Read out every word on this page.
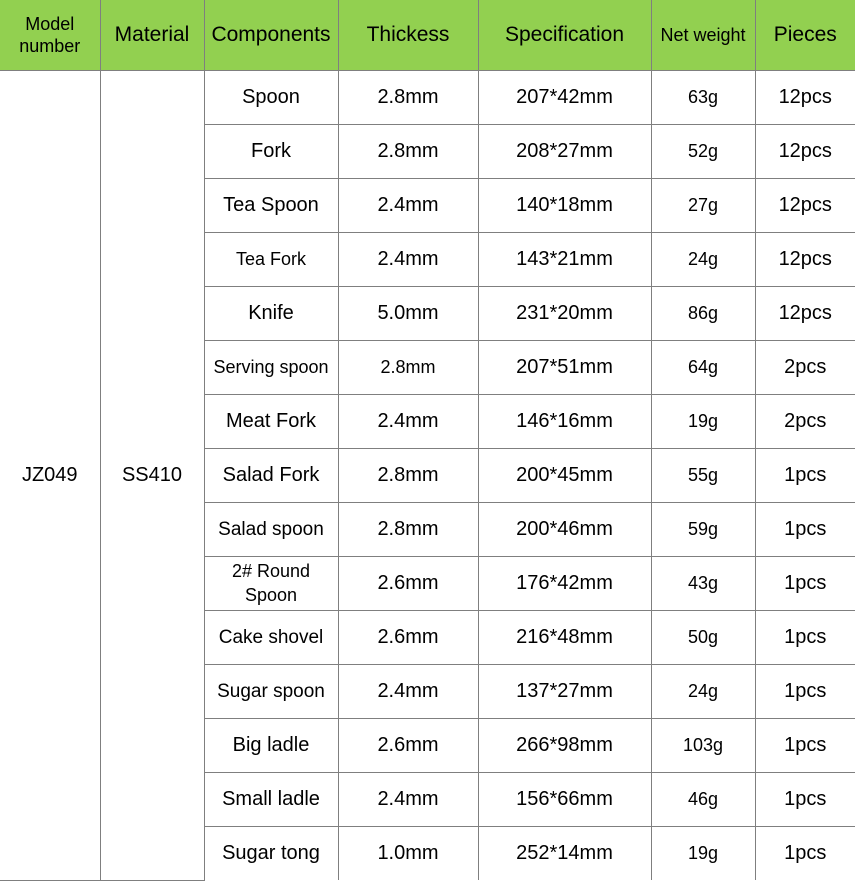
Model number	Material	Components	Thickess	Specification	Net weight	Pieces
JZ049	SS410	Spoon	2.8mm	207*42mm	63g	12pcs
		Fork	2.8mm	208*27mm	52g	12pcs
		Tea Spoon	2.4mm	140*18mm	27g	12pcs
		Tea Fork	2.4mm	143*21mm	24g	12pcs
		Knife	5.0mm	231*20mm	86g	12pcs
		Serving spoon	2.8mm	207*51mm	64g	2pcs
		Meat Fork	2.4mm	146*16mm	19g	2pcs
		Salad Fork	2.8mm	200*45mm	55g	1pcs
		Salad spoon	2.8mm	200*46mm	59g	1pcs
		2# Round Spoon	2.6mm	176*42mm	43g	1pcs
		Cake shovel	2.6mm	216*48mm	50g	1pcs
		Sugar spoon	2.4mm	137*27mm	24g	1pcs
		Big ladle	2.6mm	266*98mm	103g	1pcs
		Small ladle	2.4mm	156*66mm	46g	1pcs
		Sugar tong	1.0mm	252*14mm	19g	1pcs
